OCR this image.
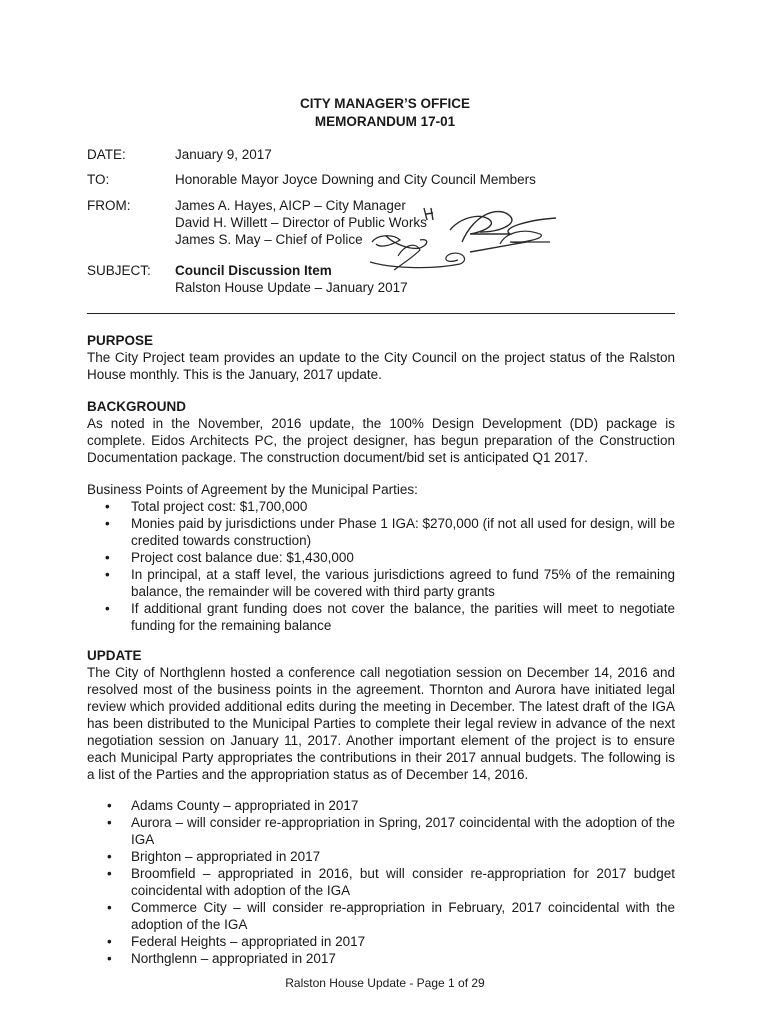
CITY MANAGER’S OFFICE
MEMORANDUM 17-01
DATE:	January 9, 2017
TO:	Honorable Mayor Joyce Downing and City Council Members
FROM:	James A. Hayes, AICP – City Manager
David H. Willett – Director of Public Works
James S. May – Chief of Police
SUBJECT:	Council Discussion Item
Ralston House Update – January 2017
PURPOSE

The City Project team provides an update to the City Council on the project status of the Ralston House monthly. This is the January, 2017 update.

BACKGROUND

As noted in the November, 2016 update, the 100% Design Development (DD) package is complete. Eidos Architects PC, the project designer, has begun preparation of the Construction Documentation package. The construction document/bid set is anticipated Q1 2017.

Business Points of Agreement by the Municipal Parties:

• Total project cost: $1,700,000
• Monies paid by jurisdictions under Phase 1 IGA: $270,000 (if not all used for design, will be credited towards construction)
• Project cost balance due: $1,430,000
• In principal, at a staff level, the various jurisdictions agreed to fund 75% of the remaining balance, the remainder will be covered with third party grants
• If additional grant funding does not cover the balance, the parities will meet to negotiate funding for the remaining balance
UPDATE

The City of Northglenn hosted a conference call negotiation session on December 14, 2016 and resolved most of the business points in the agreement. Thornton and Aurora have initiated legal review which provided additional edits during the meeting in December. The latest draft of the IGA has been distributed to the Municipal Parties to complete their legal review in advance of the next negotiation session on January 11, 2017. Another important element of the project is to ensure each Municipal Party appropriates the contributions in their 2017 annual budgets. The following is a list of the Parties and the appropriation status as of December 14, 2016.

• Adams County – appropriated in 2017
• Aurora – will consider re-appropriation in Spring, 2017 coincidental with the adoption of the IGA
• Brighton – appropriated in 2017
• Broomfield – appropriated in 2016, but will consider re-appropriation for 2017 budget coincidental with adoption of the IGA
• Commerce City – will consider re-appropriation in February, 2017 coincidental with the adoption of the IGA
• Federal Heights – appropriated in 2017
• Northglenn – appropriated in 2017
Ralston House Update - Page 1 of 29
